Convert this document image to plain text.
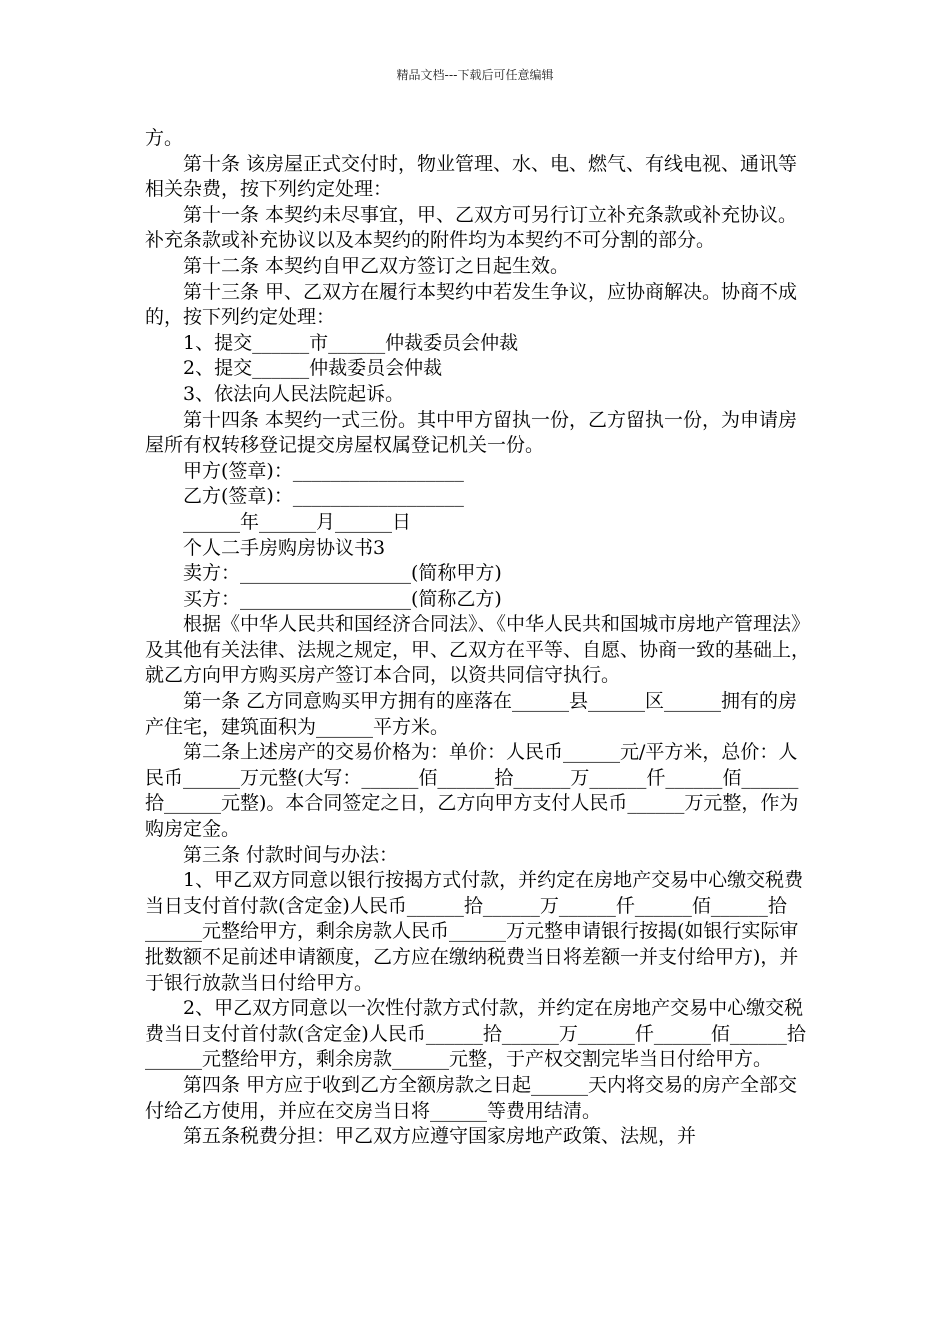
精品文档---下载后可任意编辑

方。

第十条 该房屋正式交付时，物业管理、水、电、燃气、有线电视、通讯等相关杂费，按下列约定处理：

第十一条 本契约未尽事宜，甲、乙双方可另行订立补充条款或补充协议。补充条款或补充协议以及本契约的附件均为本契约不可分割的部分。

第十二条 本契约自甲乙双方签订之日起生效。

第十三条 甲、乙双方在履行本契约中若发生争议，应协商解决。协商不成的，按下列约定处理：

1、提交______市______仲裁委员会仲裁

2、提交______仲裁委员会仲裁

3、依法向人民法院起诉。

第十四条 本契约一式三份。其中甲方留执一份，乙方留执一份，为申请房屋所有权转移登记提交房屋权属登记机关一份。

甲方(签章)：__________________

乙方(签章)：__________________

______年______月______日

个人二手房购房协议书3

卖方：__________________(简称甲方)

买方：__________________(简称乙方)

根据《中华人民共和国经济合同法》、《中华人民共和国城市房地产管理法》及其他有关法律、法规之规定，甲、乙双方在平等、自愿、协商一致的基础上，就乙方向甲方购买房产签订本合同，以资共同信守执行。

第一条 乙方同意购买甲方拥有的座落在______县______区______拥有的房产住宅，建筑面积为______平方米。

第二条上述房产的交易价格为：单价：人民币______元/平方米，总价：人民币______万元整(大写：______佰______拾______万______仟______佰______拾______元整)。本合同签定之日，乙方向甲方支付人民币______万元整，作为购房定金。

第三条 付款时间与办法：

1、甲乙双方同意以银行按揭方式付款，并约定在房地产交易中心缴交税费当日支付首付款(含定金)人民币______拾______万______仟______佰______拾______元整给甲方，剩余房款人民币______万元整申请银行按揭(如银行实际审批数额不足前述申请额度，乙方应在缴纳税费当日将差额一并支付给甲方)，并于银行放款当日付给甲方。

2、甲乙双方同意以一次性付款方式付款，并约定在房地产交易中心缴交税费当日支付首付款(含定金)人民币______拾______万______仟______佰______拾______元整给甲方，剩余房款______元整，于产权交割完毕当日付给甲方。

第四条 甲方应于收到乙方全额房款之日起______天内将交易的房产全部交付给乙方使用，并应在交房当日将______等费用结清。

第五条税费分担：甲乙双方应遵守国家房地产政策、法规，并
